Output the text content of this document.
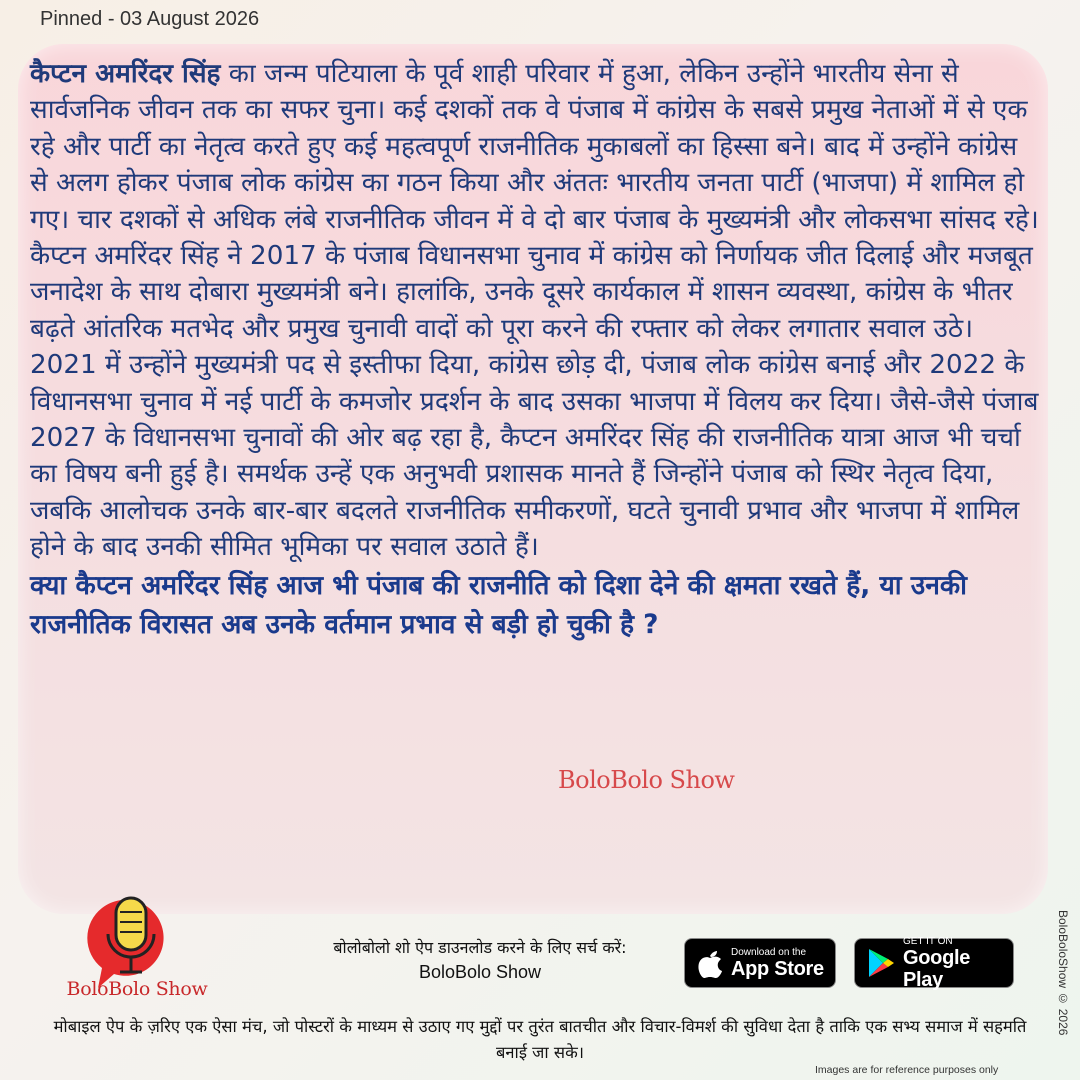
Pinned - 03 August 2026

कैप्टन अमरिंदर सिंह का जन्म पटियाला के पूर्व शाही परिवार में हुआ, लेकिन उन्होंने भारतीय सेना से सार्वजनिक जीवन तक का सफर चुना। कई दशकों तक वे पंजाब में कांग्रेस के सबसे प्रमुख नेताओं में से एक रहे और पार्टी का नेतृत्व करते हुए कई महत्वपूर्ण राजनीतिक मुकाबलों का हिस्सा बने। बाद में उन्होंने कांग्रेस से अलग होकर पंजाब लोक कांग्रेस का गठन किया और अंततः भारतीय जनता पार्टी (भाजपा) में शामिल हो गए। चार दशकों से अधिक लंबे राजनीतिक जीवन में वे दो बार पंजाब के मुख्यमंत्री और लोकसभा सांसद रहे। कैप्टन अमरिंदर सिंह ने 2017 के पंजाब विधानसभा चुनाव में कांग्रेस को निर्णायक जीत दिलाई और मजबूत जनादेश के साथ दोबारा मुख्यमंत्री बने। हालांकि, उनके दूसरे कार्यकाल में शासन व्यवस्था, कांग्रेस के भीतर बढ़ते आंतरिक मतभेद और प्रमुख चुनावी वादों को पूरा करने की रफ्तार को लेकर लगातार सवाल उठे। 2021 में उन्होंने मुख्यमंत्री पद से इस्तीफा दिया, कांग्रेस छोड़ दी, पंजाब लोक कांग्रेस बनाई और 2022 के विधानसभा चुनाव में नई पार्टी के कमजोर प्रदर्शन के बाद उसका भाजपा में विलय कर दिया। जैसे-जैसे पंजाब 2027 के विधानसभा चुनावों की ओर बढ़ रहा है, कैप्टन अमरिंदर सिंह की राजनीतिक यात्रा आज भी चर्चा का विषय बनी हुई है। समर्थक उन्हें एक अनुभवी प्रशासक मानते हैं जिन्होंने पंजाब को स्थिर नेतृत्व दिया, जबकि आलोचक उनके बार-बार बदलते राजनीतिक समीकरणों, घटते चुनावी प्रभाव और भाजपा में शामिल होने के बाद उनकी सीमित भूमिका पर सवाल उठाते हैं।

क्या कैप्टन अमरिंदर सिंह आज भी पंजाब की राजनीति को दिशा देने की क्षमता रखते हैं, या उनकी राजनीतिक विरासत अब उनके वर्तमान प्रभाव से बड़ी हो चुकी है ?

BoloBolo Show
BoloBolo Show
बोलोबोलो शो ऐप डाउनलोड करने के लिए सर्च करें:
BoloBolo Show
Download on the
App Store
GET IT ON
Google Play
मोबाइल ऐप के ज़रिए एक ऐसा मंच, जो पोस्टरों के माध्यम से उठाए गए मुद्दों पर तुरंत बातचीत और विचार-विमर्श की सुविधा देता है ताकि एक सभ्य समाज में सहमति बनाई जा सके।
BoloBoloShow © 2026
Images are for reference purposes only
